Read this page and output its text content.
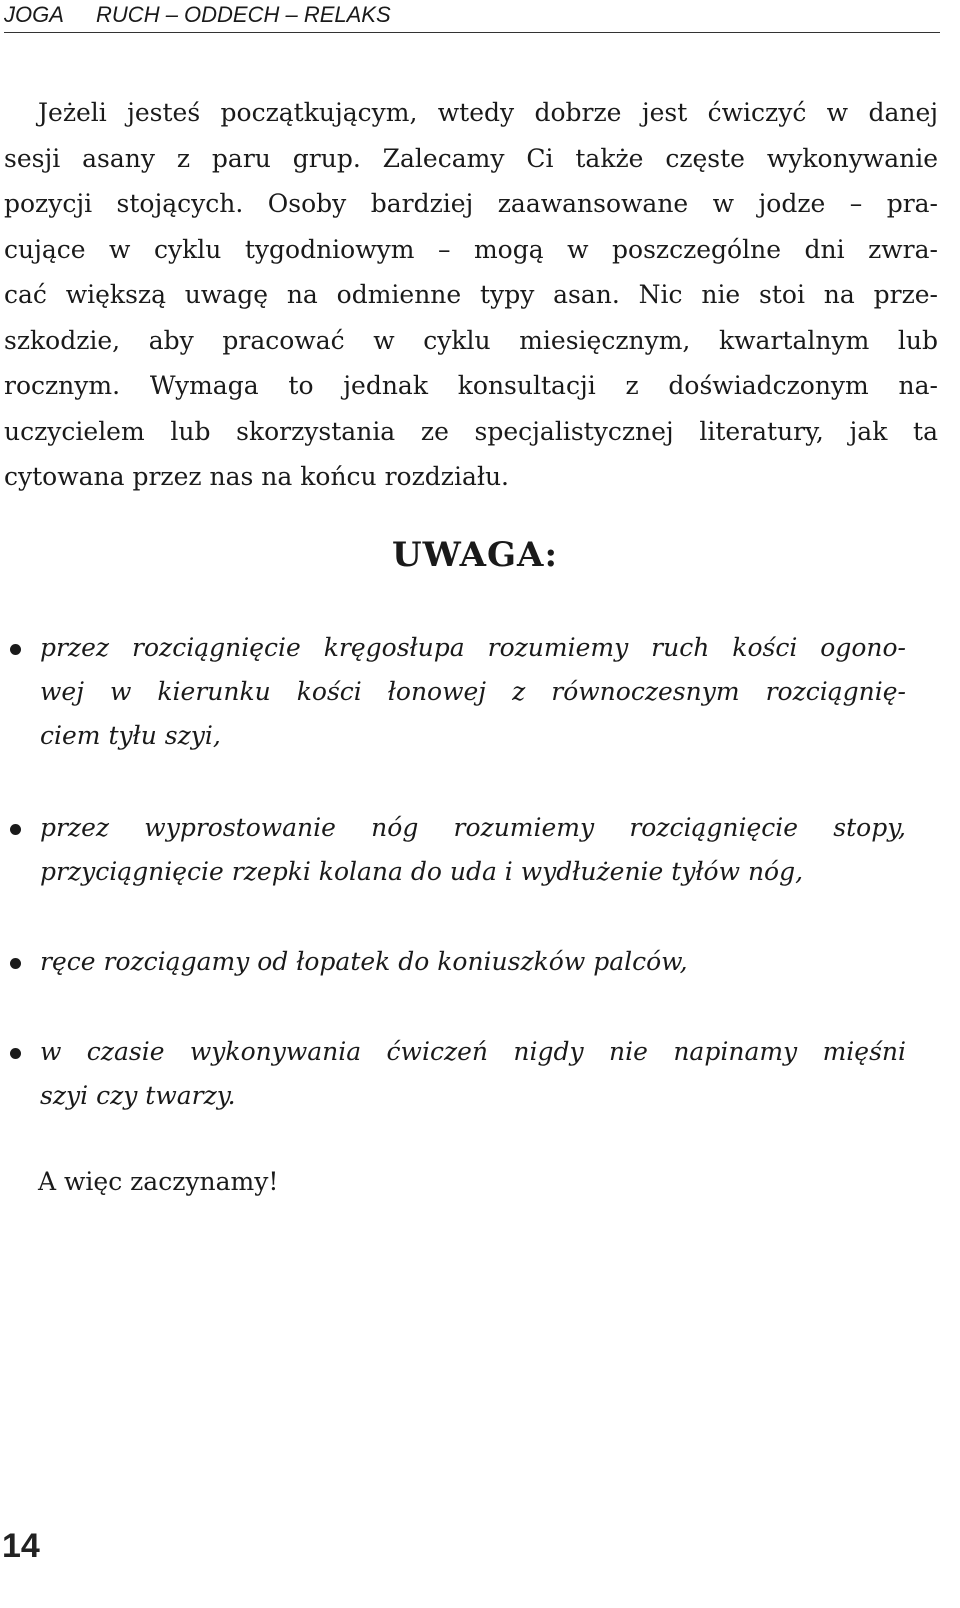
JOGA RUCH – ODDECH – RELAKS
Jeżeli jesteś początkującym, wtedy dobrze jest ćwiczyć w danej
sesji asany z paru grup. Zalecamy Ci także częste wykonywanie
pozycji stojących. Osoby bardziej zaawansowane w jodze – pra-
cujące w cyklu tygodniowym – mogą w poszczególne dni zwra-
cać większą uwagę na odmienne typy asan. Nic nie stoi na prze-
szkodzie, aby pracować w cyklu miesięcznym, kwartalnym lub
rocznym. Wymaga to jednak konsultacji z doświadczonym na-
uczycielem lub skorzystania ze specjalistycznej literatury, jak ta
cytowana przez nas na końcu rozdziału.
UWAGA:
przez rozciągnięcie kręgosłupa rozumiemy ruch kości ogono-
wej w kierunku kości łonowej z równoczesnym rozciągnię-
ciem tyłu szyi,
przez wyprostowanie nóg rozumiemy rozciągnięcie stopy,
przyciągnięcie rzepki kolana do uda i wydłużenie tyłów nóg,
ręce rozciągamy od łopatek do koniuszków palców,
w czasie wykonywania ćwiczeń nigdy nie napinamy mięśni
szyi czy twarzy.
A więc zaczynamy!
14
